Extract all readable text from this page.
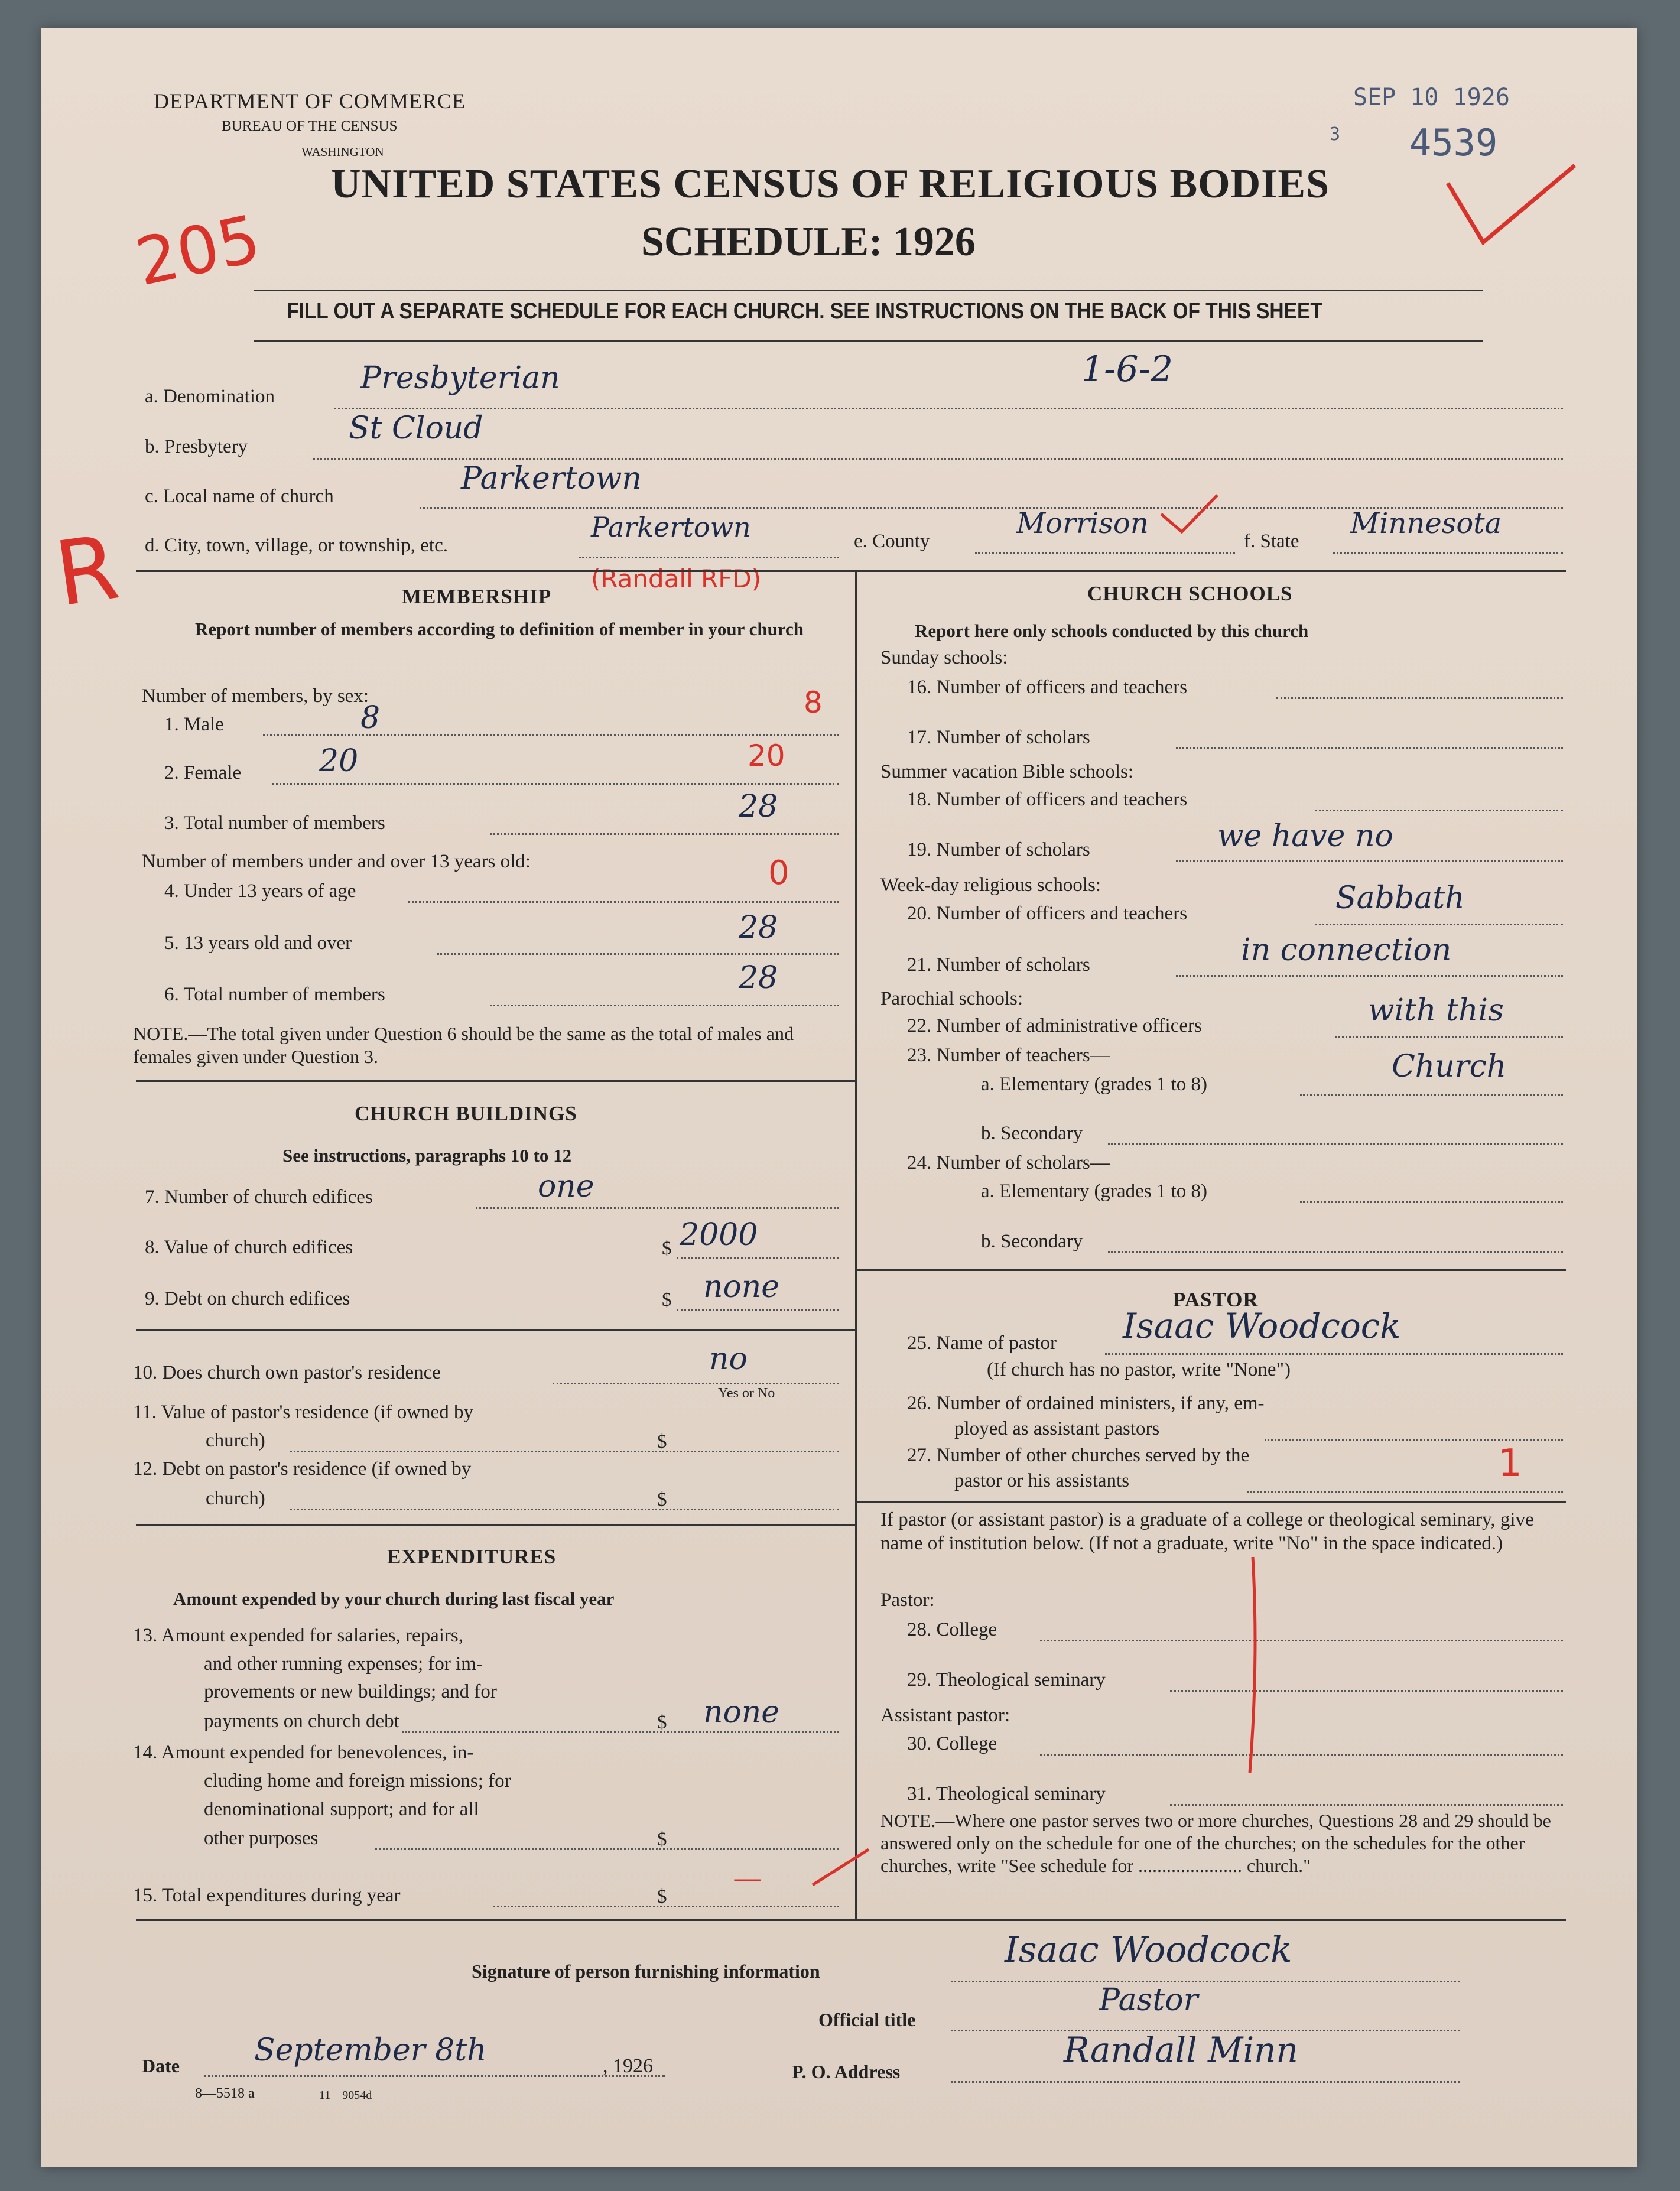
DEPARTMENT OF COMMERCE
BUREAU OF THE CENSUS
WASHINGTON
UNITED STATES CENSUS OF RELIGIOUS BODIES
SCHEDULE: 1926
FILL OUT A SEPARATE SCHEDULE FOR EACH CHURCH. SEE INSTRUCTIONS ON THE BACK OF THIS SHEET
SEP 10 1926
3 4539
205
R
a. Denomination
Presbyterian	1-6-2
b. Presbytery
St Cloud
c. Local name of church	Parkertown
d. City, town, village, or township, etc.
Parkertown	e. County
Morrison
f. State
Minnesota
(Randall RFD)
MEMBERSHIP
Report number of members according to definition of member in your church
Number of members, by sex:
1. Male	8	8
2. Female	20	20
3. Total number of members	28
Number of members under and over 13 years old:
4. Under 13 years of age	0
5. 13 years old and over	28
6. Total number of members	28
NOTE.—The total given under Question 6 should be the same as the total of males and females given under Question 3.
CHURCH BUILDINGS
See instructions, paragraphs 10 to 12
7. Number of church edifices	one
8. Value of church edifices	$ 2000
9. Debt on church edifices	$ none
10. Does church own pastor's residence	no
Yes or No
11. Value of pastor's residence (if owned by
church)	$
12. Debt on pastor's residence (if owned by
church)	$
EXPENDITURES
Amount expended by your church during last fiscal year
13. Amount expended for salaries, repairs,
and other running expenses; for im-
provements or new buildings; and for
payments on church debt	$ none
14. Amount expended for benevolences, in-
cluding home and foreign missions; for
denominational support; and for all
other purposes	$
15. Total expenditures during year	$
—
CHURCH SCHOOLS
Report here only schools conducted by this church
Sunday schools:
16. Number of officers and teachers
17. Number of scholars
Summer vacation Bible schools:
18. Number of officers and teachers
19. Number of scholars	we have no
Week-day religious schools:
20. Number of officers and teachers	Sabbath
21. Number of scholars	in connection
Parochial schools:
22. Number of administrative officers	with this
23. Number of teachers—
a. Elementary (grades 1 to 8)	Church
b. Secondary
24. Number of scholars—
a. Elementary (grades 1 to 8)
b. Secondary
PASTOR
25. Name of pastor Isaac Woodcock
(If church has no pastor, write "None")
26. Number of ordained ministers, if any, em-
ployed as assistant pastors
27. Number of other churches served by the
pastor or his assistants	1
If pastor (or assistant pastor) is a graduate of a college or theological seminary, give name of institution below. (If not a graduate, write "No" in the space indicated.)
Pastor:
28. College
29. Theological seminary
Assistant pastor:
30. College
31. Theological seminary
NOTE.—Where one pastor serves two or more churches, Questions 28 and 29 should be answered only on the schedule for one of the churches; on the schedules for the other churches, write "See schedule for ...................... church."
Signature of person furnishing information
Isaac Woodcock
Official title
Pastor
Date September 8th	, 1926	P. O. Address
Randall Minn
8—5518 a	11—9054d
